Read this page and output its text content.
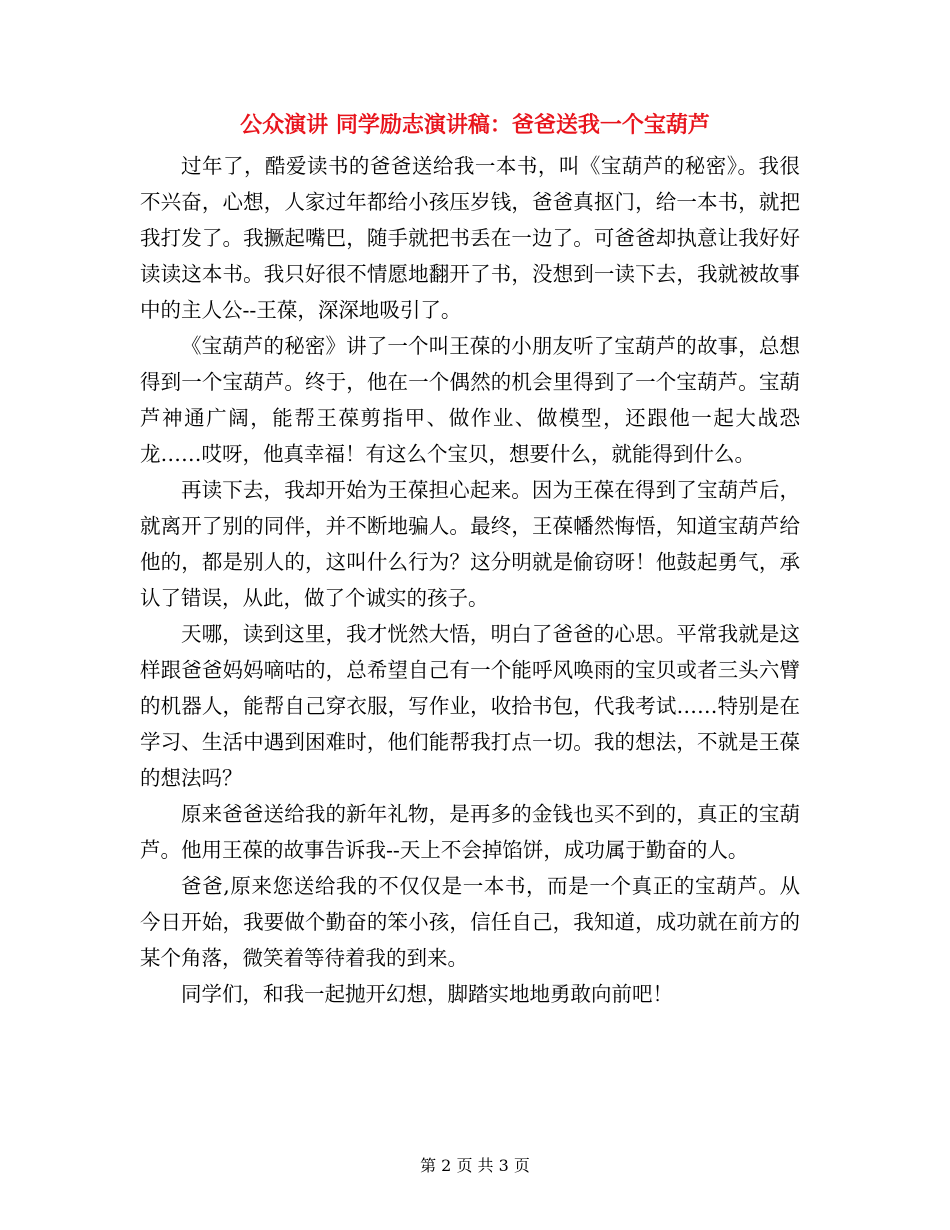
公众演讲 同学励志演讲稿：爸爸送我一个宝葫芦

过年了，酷爱读书的爸爸送给我一本书，叫《宝葫芦的秘密》。我很不兴奋，心想，人家过年都给小孩压岁钱，爸爸真抠门，给一本书，就把我打发了。我撅起嘴巴，随手就把书丢在一边了。可爸爸却执意让我好好读读这本书。我只好很不情愿地翻开了书，没想到一读下去，我就被故事中的主人公--王葆，深深地吸引了。

《宝葫芦的秘密》讲了一个叫王葆的小朋友听了宝葫芦的故事，总想得到一个宝葫芦。终于，他在一个偶然的机会里得到了一个宝葫芦。宝葫芦神通广阔，能帮王葆剪指甲、做作业、做模型，还跟他一起大战恐龙……哎呀，他真幸福！有这么个宝贝，想要什么，就能得到什么。

再读下去，我却开始为王葆担心起来。因为王葆在得到了宝葫芦后，就离开了别的同伴，并不断地骗人。最终，王葆幡然悔悟，知道宝葫芦给他的，都是别人的，这叫什么行为？这分明就是偷窃呀！他鼓起勇气，承认了错误，从此，做了个诚实的孩子。

天哪，读到这里，我才恍然大悟，明白了爸爸的心思。平常我就是这样跟爸爸妈妈嘀咕的，总希望自己有一个能呼风唤雨的宝贝或者三头六臂的机器人，能帮自己穿衣服，写作业，收拾书包，代我考试……特别是在学习、生活中遇到困难时，他们能帮我打点一切。我的想法，不就是王葆的想法吗？

原来爸爸送给我的新年礼物，是再多的金钱也买不到的，真正的宝葫芦。他用王葆的故事告诉我--天上不会掉馅饼，成功属于勤奋的人。

爸爸,原来您送给我的不仅仅是一本书，而是一个真正的宝葫芦。从今日开始，我要做个勤奋的笨小孩，信任自己，我知道，成功就在前方的某个角落，微笑着等待着我的到来。

同学们，和我一起抛开幻想，脚踏实地地勇敢向前吧！

第 2 页 共 3 页
